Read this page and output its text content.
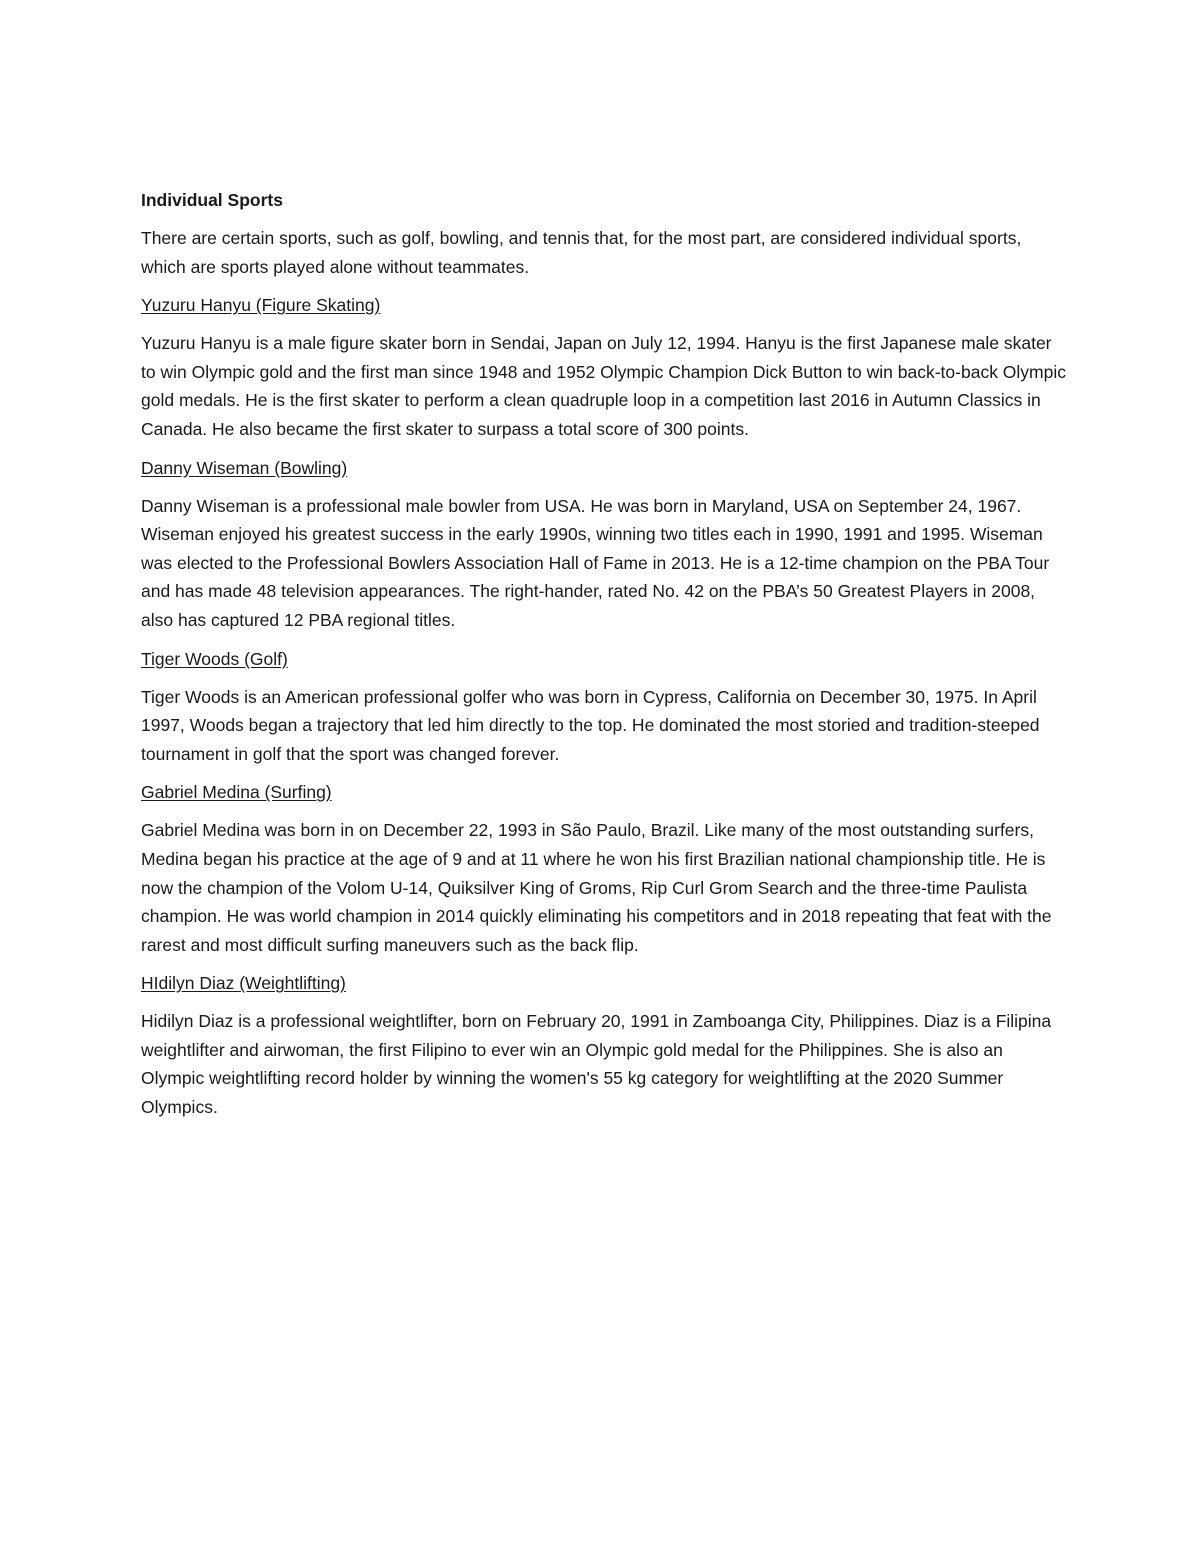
Individual Sports

There are certain sports, such as golf, bowling, and tennis that, for the most part, are considered individual sports, which are sports played alone without teammates.

Yuzuru Hanyu (Figure Skating)

Yuzuru Hanyu is a male figure skater born in Sendai, Japan on July 12, 1994. Hanyu is the first Japanese male skater to win Olympic gold and the first man since 1948 and 1952 Olympic Champion Dick Button to win back-to-back Olympic gold medals. He is the first skater to perform a clean quadruple loop in a competition last 2016 in Autumn Classics in Canada. He also became the first skater to surpass a total score of 300 points.

Danny Wiseman (Bowling)

Danny Wiseman is a professional male bowler from USA. He was born in Maryland, USA on September 24, 1967. Wiseman enjoyed his greatest success in the early 1990s, winning two titles each in 1990, 1991 and 1995. Wiseman was elected to the Professional Bowlers Association Hall of Fame in 2013. He is a 12-time champion on the PBA Tour and has made 48 television appearances. The right-hander, rated No. 42 on the PBA’s 50 Greatest Players in 2008, also has captured 12 PBA regional titles.

Tiger Woods (Golf)

Tiger Woods is an American professional golfer who was born in Cypress, California on December 30, 1975. In April 1997, Woods began a trajectory that led him directly to the top. He dominated the most storied and tradition-steeped tournament in golf that the sport was changed forever.

Gabriel Medina (Surfing)

Gabriel Medina was born in on December 22, 1993 in São Paulo, Brazil. Like many of the most outstanding surfers, Medina began his practice at the age of 9 and at 11 where he won his first Brazilian national championship title. He is now the champion of the Volom U-14, Quiksilver King of Groms, Rip Curl Grom Search and the three-time Paulista champion. He was world champion in 2014 quickly eliminating his competitors and in 2018 repeating that feat with the rarest and most difficult surfing maneuvers such as the back flip.

HIdilyn Diaz (Weightlifting)

Hidilyn Diaz is a professional weightlifter, born on February 20, 1991 in Zamboanga City, Philippines. Diaz is a Filipina weightlifter and airwoman, the first Filipino to ever win an Olympic gold medal for the Philippines. She is also an Olympic weightlifting record holder by winning the women's 55 kg category for weightlifting at the 2020 Summer Olympics.
